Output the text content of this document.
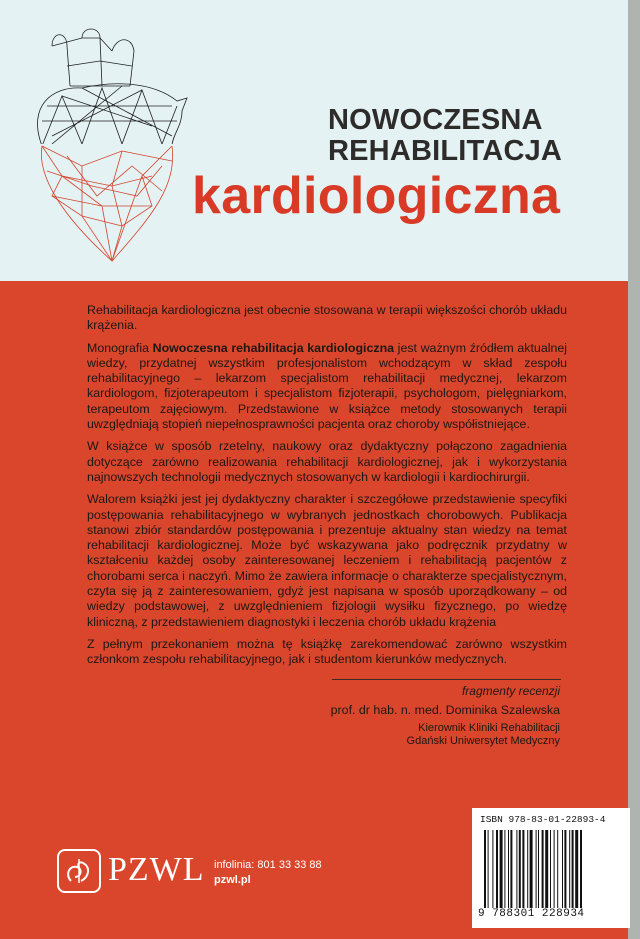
NOWOCZESNA
REHABILITACJA
kardiologiczna

Rehabilitacja kardiologiczna jest obecnie stosowana w terapii większości chorób układu krążenia.

Monografia Nowoczesna rehabilitacja kardiologiczna jest ważnym źródłem aktualnej wiedzy, przydatnej wszystkim profesjonalistom wchodzącym w skład zespołu rehabilitacyjnego – lekarzom specjalistom rehabilitacji medycznej, lekarzom kardiologom, fizjoterapeutom i specjalistom fizjoterapii, psychologom, pielęgniarkom, terapeutom zajęciowym. Przedstawione w książce metody stosowanych terapii uwzględniają stopień niepełnosprawności pacjenta oraz choroby współistniejące.

W książce w sposób rzetelny, naukowy oraz dydaktyczny połączono zagadnienia dotyczące zarówno realizowania rehabilitacji kardiologicznej, jak i wykorzystania najnowszych technologii medycznych stosowanych w kardiologii i kardiochirurgii.

Walorem książki jest jej dydaktyczny charakter i szczegółowe przedstawienie specyfiki postępowania rehabilitacyjnego w wybranych jednostkach chorobowych. Publikacja stanowi zbiór standardów postępowania i prezentuje aktualny stan wiedzy na temat rehabilitacji kardiologicznej. Może być wskazywana jako podręcznik przydatny w kształceniu każdej osoby zainteresowanej leczeniem i rehabilitacją pacjentów z chorobami serca i naczyń. Mimo że zawiera informacje o charakterze specjalistycznym, czyta się ją z zainteresowaniem, gdyż jest napisana w sposób uporządkowany – od wiedzy podstawowej, z uwzględnieniem fizjologii wysiłku fizycznego, po wiedzę kliniczną, z przedstawieniem diagnostyki i leczenia chorób układu krążenia

Z pełnym przekonaniem można tę książkę zarekomendować zarówno wszystkim członkom zespołu rehabilitacyjnego, jak i studentom kierunków medycznych.

fragmenty recenzji
prof. dr hab. n. med. Dominika Szalewska
Kierownik Kliniki Rehabilitacji
Gdański Uniwersytet Medyczny
PZWL infolinia: 801 33 33 88
pzwl.pl
ISBN 978-83-01-22893-4
9 788301 228934
